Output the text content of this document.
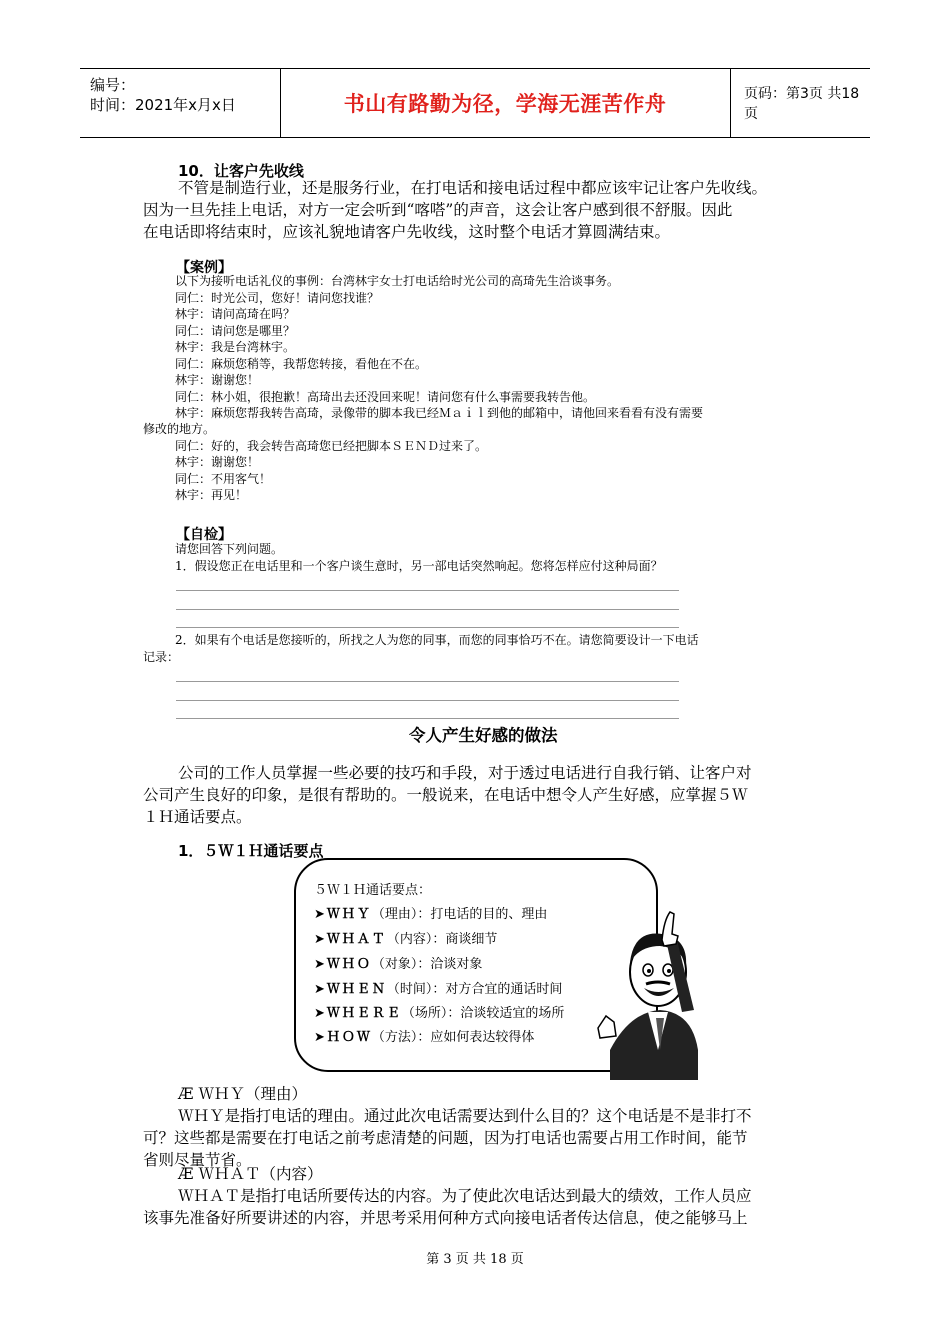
编号：
时间：2021年x月x日	书山有路勤为径，学海无涯苦作舟	页码：第3页 共18页
10．让客户先收线
不管是制造行业，还是服务行业，在打电话和接电话过程中都应该牢记让客户先收线。
因为一旦先挂上电话，对方一定会听到“喀嗒”的声音，这会让客户感到很不舒服。因此
在电话即将结束时，应该礼貌地请客户先收线，这时整个电话才算圆满结束。
【案例】
以下为接听电话礼仪的事例：台湾林宇女士打电话给时光公司的高琦先生洽谈事务。
同仁：时光公司，您好！请问您找谁？
林宇：请问高琦在吗？
同仁：请问您是哪里？
林宇：我是台湾林宇。
同仁：麻烦您稍等，我帮您转接，看他在不在。
林宇：谢谢您！
同仁：林小姐，很抱歉！高琦出去还没回来呢！请问您有什么事需要我转告他。
林宇：麻烦您帮我转告高琦，录像带的脚本我已经Ｍａｉｌ到他的邮箱中，请他回来看看有没有需要
修改的地方。
同仁：好的，我会转告高琦您已经把脚本ＳＥＮＤ过来了。
林宇：谢谢您！
同仁：不用客气！
林宇：再见！
【自检】
请您回答下列问题。
1．假设您正在电话里和一个客户谈生意时，另一部电话突然响起。您将怎样应付这种局面？
2．如果有个电话是您接听的，所找之人为您的同事，而您的同事恰巧不在。请您简要设计一下电话
记录：
令人产生好感的做法
公司的工作人员掌握一些必要的技巧和手段，对于透过电话进行自我行销、让客户对
公司产生良好的印象，是很有帮助的。一般说来，在电话中想令人产生好感，应掌握５Ｗ
１Ｈ通话要点。
1．５Ｗ１Ｈ通话要点
５Ｗ１Ｈ通话要点：
➤ＷＨＹ（理由）：打电话的目的、理由
➤ＷＨＡＴ（内容）：商谈细节
➤ＷＨＯ（对象）：洽谈对象
➤ＷＨＥＮ（时间）：对方合宜的通话时间
➤ＷＨＥＲＥ（场所）：洽谈较适宜的场所
➤ＨＯＷ（方法）：应如何表达较得体
Æ ＷＨＹ（理由）
ＷＨＹ是指打电话的理由。通过此次电话需要达到什么目的？这个电话是不是非打不
可？这些都是需要在打电话之前考虑清楚的问题，因为打电话也需要占用工作时间，能节
省则尽量节省。
Æ ＷＨＡＴ（内容）
ＷＨＡＴ是指打电话所要传达的内容。为了使此次电话达到最大的绩效，工作人员应
该事先准备好所要讲述的内容，并思考采用何种方式向接电话者传达信息，使之能够马上
第 3 页 共 18 页
